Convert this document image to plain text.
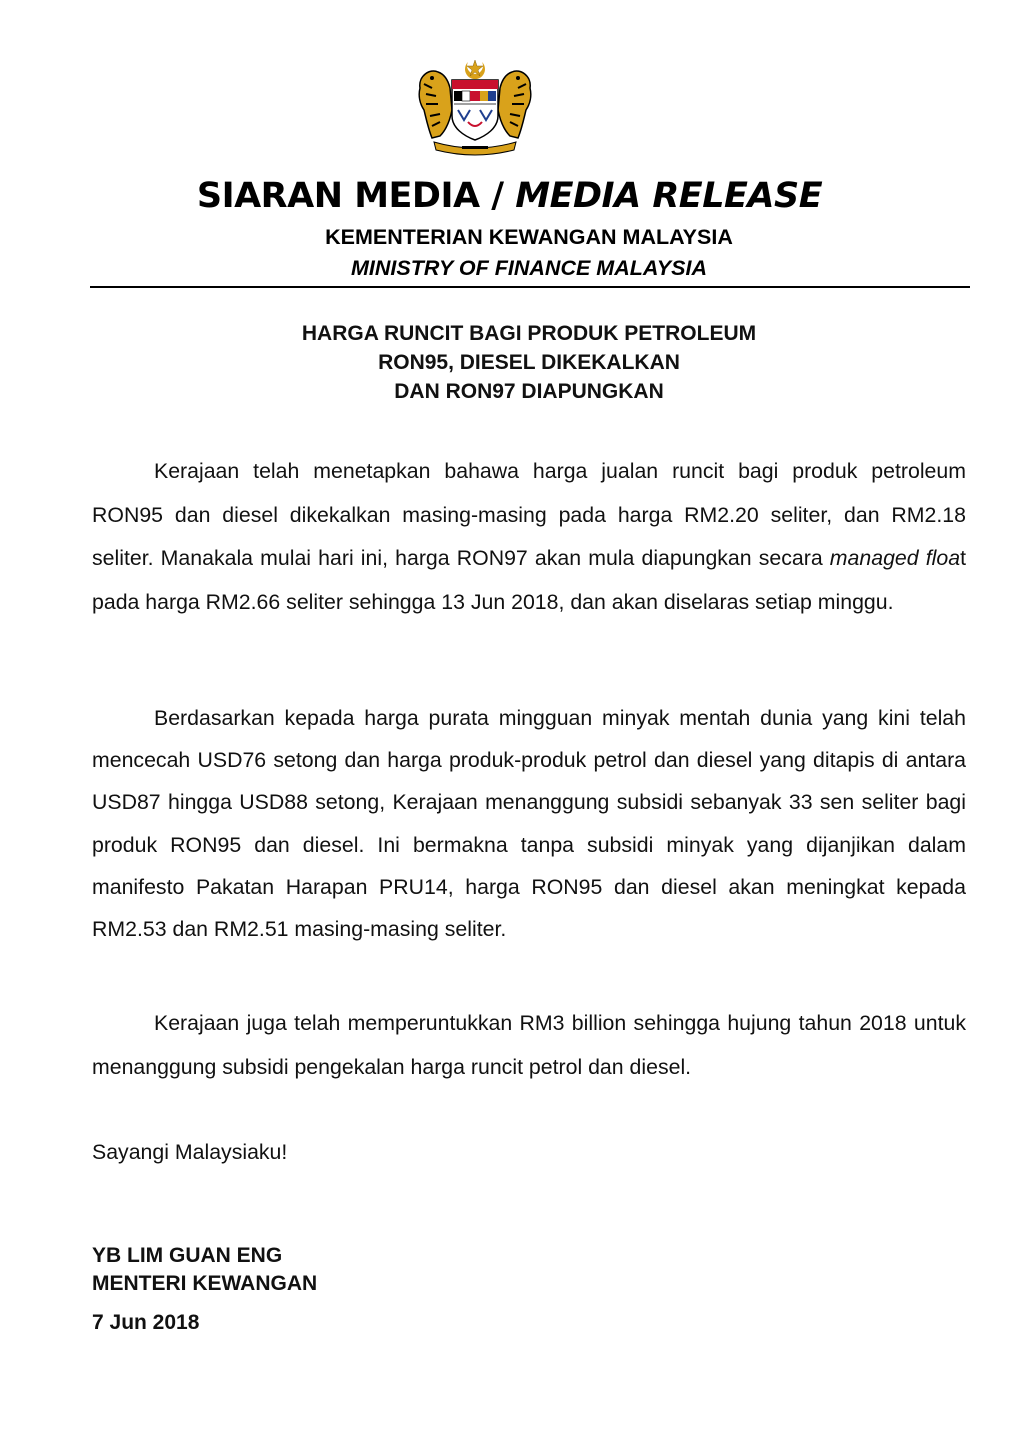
SIARAN MEDIA / MEDIA RELEASE
KEMENTERIAN KEWANGAN MALAYSIA
MINISTRY OF FINANCE MALAYSIA
HARGA RUNCIT BAGI PRODUK PETROLEUM
RON95, DIESEL DIKEKALKAN
DAN RON97 DIAPUNGKAN
Kerajaan telah menetapkan bahawa harga jualan runcit bagi produk petroleum RON95 dan diesel dikekalkan masing-masing pada harga RM2.20 seliter, dan RM2.18 seliter. Manakala mulai hari ini, harga RON97 akan mula diapungkan secara managed float pada harga RM2.66 seliter sehingga 13 Jun 2018, dan akan diselaras setiap minggu.
Berdasarkan kepada harga purata mingguan minyak mentah dunia yang kini telah mencecah USD76 setong dan harga produk-produk petrol dan diesel yang ditapis di antara USD87 hingga USD88 setong, Kerajaan menanggung subsidi sebanyak 33 sen seliter bagi produk RON95 dan diesel. Ini bermakna tanpa subsidi minyak yang dijanjikan dalam manifesto Pakatan Harapan PRU14, harga RON95 dan diesel akan meningkat kepada RM2.53 dan RM2.51 masing-masing seliter.
Kerajaan juga telah memperuntukkan RM3 billion sehingga hujung tahun 2018 untuk menanggung subsidi pengekalan harga runcit petrol dan diesel.
Sayangi Malaysiaku!
YB LIM GUAN ENG
MENTERI KEWANGAN
7 Jun 2018
